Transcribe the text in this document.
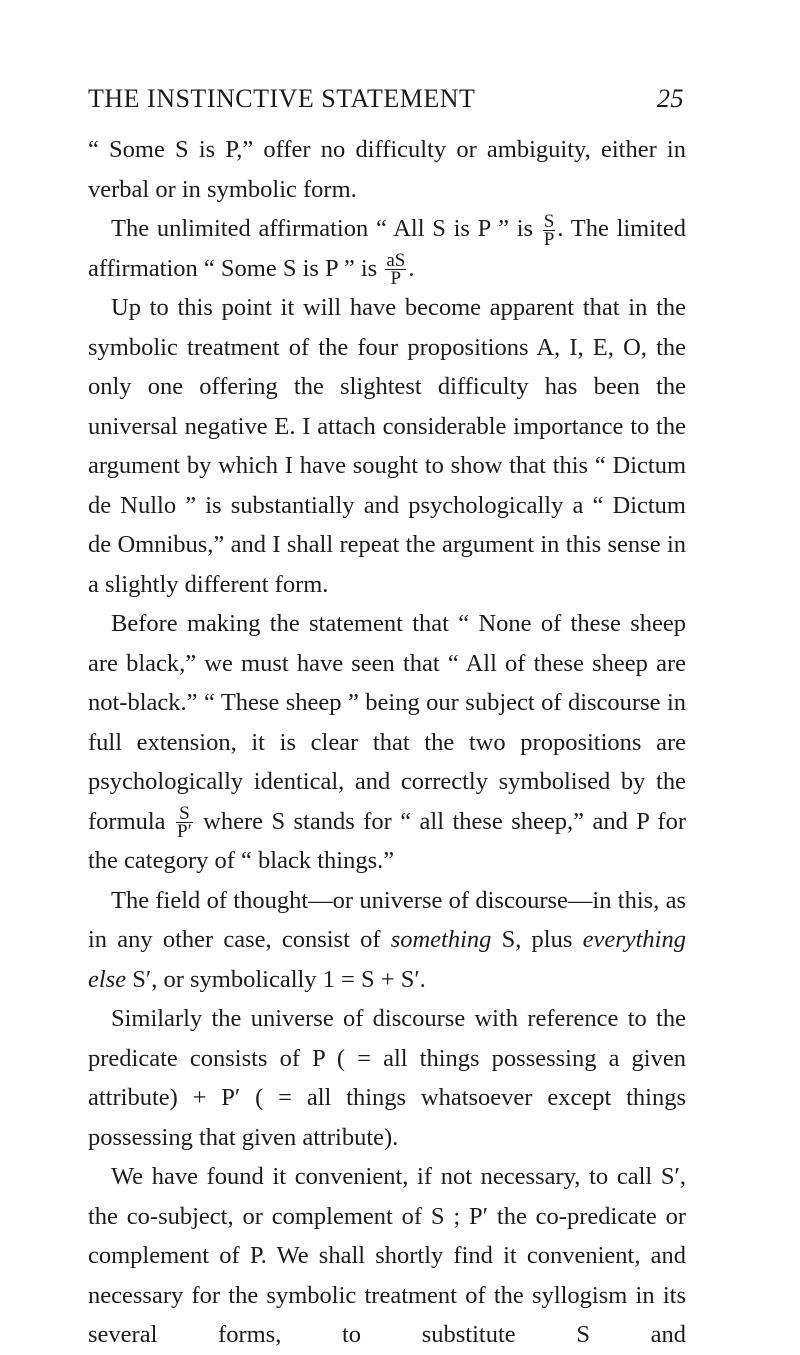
THE INSTINCTIVE STATEMENT	25

“ Some S is P,” offer no difficulty or ambiguity, either in verbal or in symbolic form.

The unlimited affirmation “ All S is P ” is $\frac{S}{P}$ . The limited affirmation “ Some S is P ” is $\frac{aS}{P}$ .

Up to this point it will have become apparent that in the symbolic treatment of the four propositions A, I, E, O, the only one offering the slightest difficulty has been the universal negative E. I attach considerable importance to the argument by which I have sought to show that this “ Dictum de Nullo ” is substantially and psychologically a “ Dictum de Omnibus,” and I shall repeat the argument in this sense in a slightly different form.

Before making the statement that “ None of these sheep are black,” we must have seen that “ All of these sheep are not-black.” “ These sheep ” being our subject of discourse in full extension, it is clear that the two propositions are psychologically identical, and correctly symbolised by the formula $\frac{S}{P'}$ where S stands for “ all these sheep,” and P for the category of “ black things.”

The field of thought—or universe of discourse—in this, as in any other case, consist of something S, plus everything else S′, or symbolically 1 = S + S′.

Similarly the universe of discourse with reference to the predicate consists of P ( = all things possessing a given attribute) + P′ ( = all things whatsoever except things possessing that given attribute).

We have found it convenient, if not necessary, to call S′, the co-subject, or complement of S ; P′ the co-predicate or complement of P. We shall shortly find it convenient, and necessary for the symbolic treatment of the syllogism in its several forms, to substitute S and
